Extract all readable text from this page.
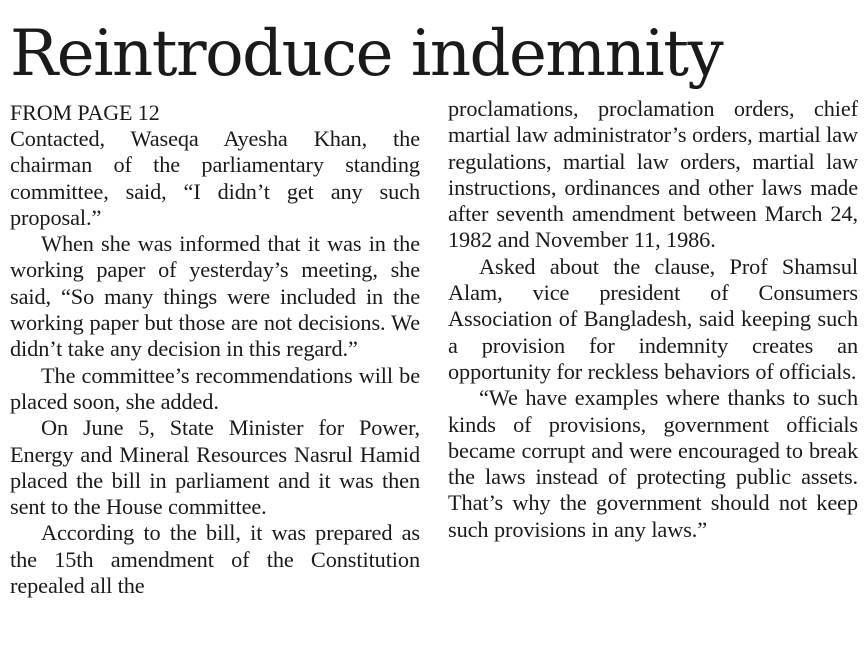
Reintroduce indemnity
FROM PAGE 12

Contacted, Waseqa Ayesha Khan, the chairman of the parliamentary standing committee, said, “I didn’t get any such proposal.”

When she was informed that it was in the working paper of yesterday’s meeting, she said, “So many things were included in the working paper but those are not decisions. We didn’t take any decision in this regard.”

The committee’s recommendations will be placed soon, she added.

On June 5, State Minister for Power, Energy and Mineral Resources Nasrul Hamid placed the bill in parliament and it was then sent to the House committee.

According to the bill, it was prepared as the 15th amendment of the Constitution repealed all the

proclamations, proclamation orders, chief martial law administrator’s orders, martial law regulations, martial law orders, martial law instructions, ordinances and other laws made after seventh amendment between March 24, 1982 and November 11, 1986.

Asked about the clause, Prof Shamsul Alam, vice president of Consumers Association of Bangladesh, said keeping such a provision for indemnity creates an opportunity for reckless behaviors of officials.

“We have examples where thanks to such kinds of provisions, government officials became corrupt and were encouraged to break the laws instead of protecting public assets. That’s why the government should not keep such provisions in any laws.”
